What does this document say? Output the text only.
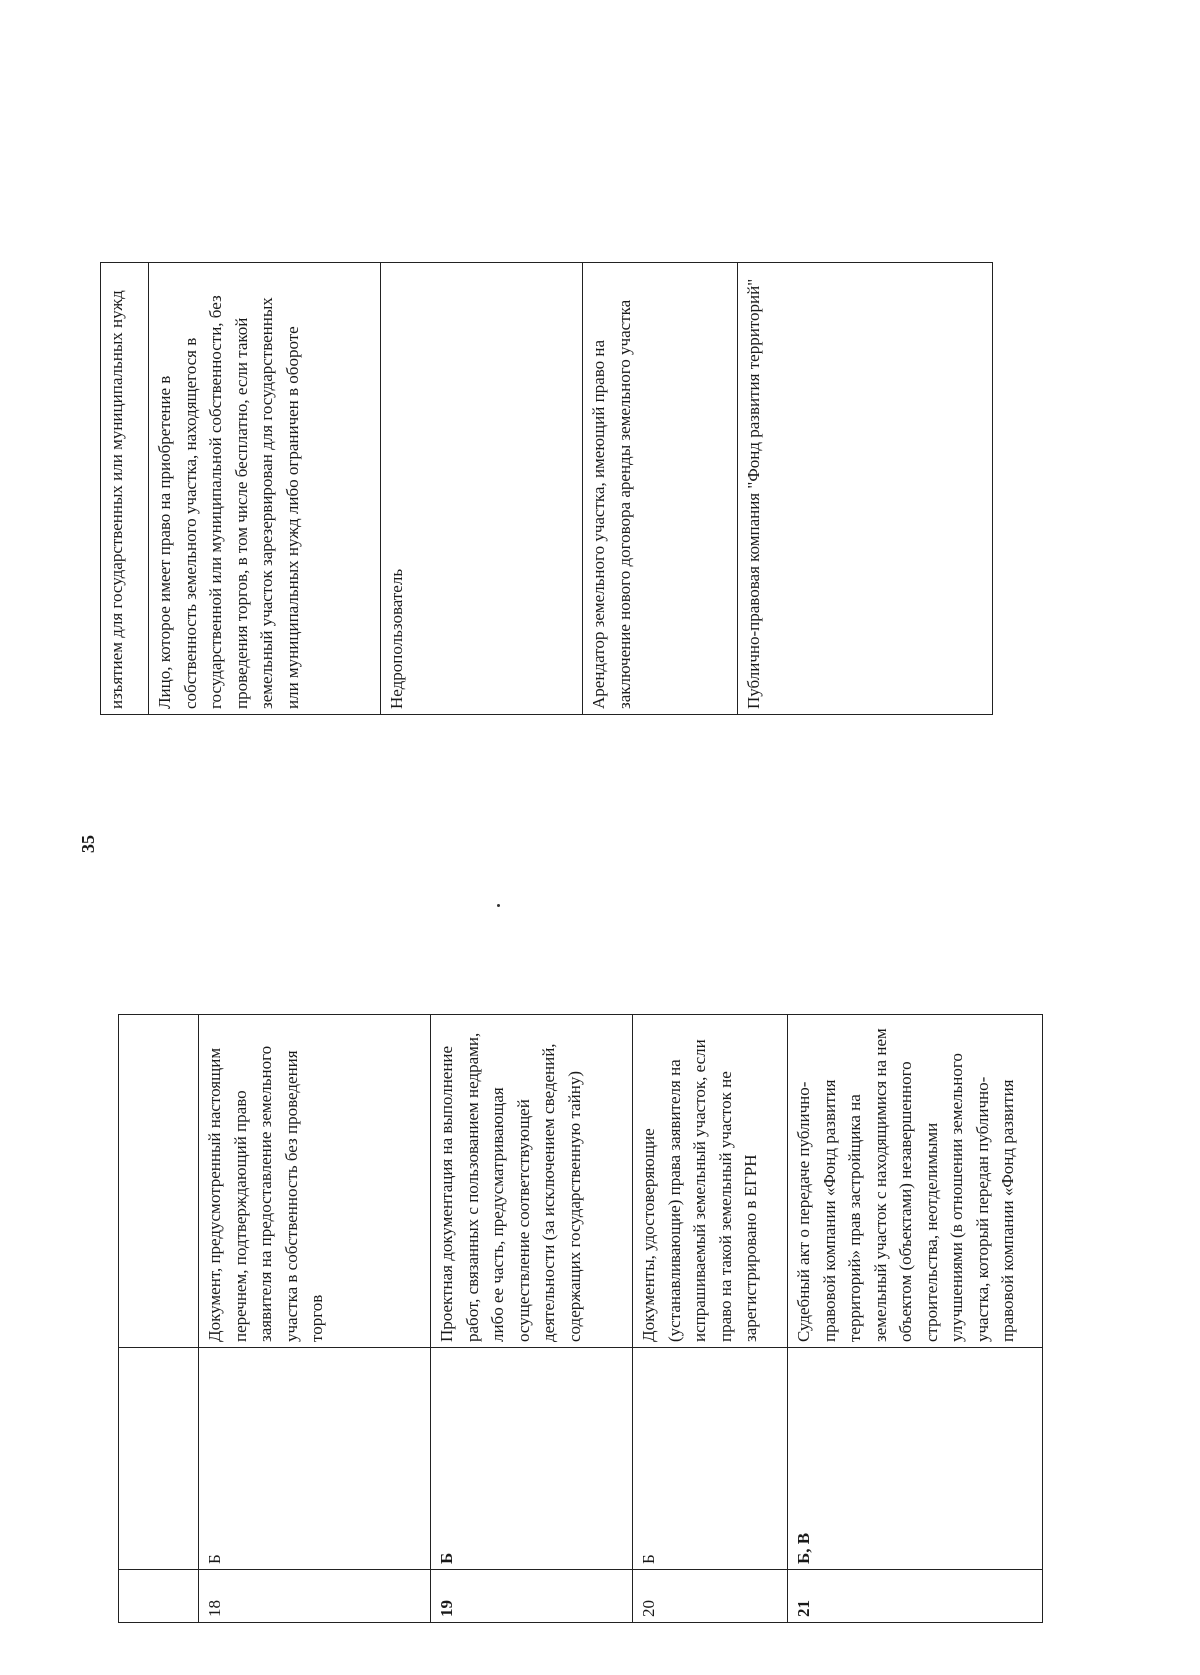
35

18	Б	Документ, предусмотренный настоящим перечнем, подтверждающий право заявителя на предоставление земельного участка в собственность без проведения торгов
19	Б	Проектная документация на выполнение работ, связанных с пользованием недрами, либо ее часть, предусматривающая осуществление соответствующей деятельности (за исключением сведений, содержащих государственную тайну)
20	Б	Документы, удостоверяющие (устанавливающие) права заявителя на испрашиваемый земельный участок, если право на такой земельный участок не зарегистрировано в ЕГРН
21	Б, В	Судебный акт о передаче публично-правовой компании «Фонд развития территорий» прав застройщика на земельный участок с находящимися на нем объектом (объектами) незавершенного строительства, неотделимыми улучшениями (в отношении земельного участка, который передан публично-правовой компании «Фонд развития
изъятием для государственных или муниципальных нужд
Лицо, которое имеет право на приобретение в собственность земельного участка, находящегося в государственной или муниципальной собственности, без проведения торгов, в том числе бесплатно, если такой земельный участок зарезервирован для государственных или муниципальных нужд либо ограничен в обороте
Недропользователь
Арендатор земельного участка, имеющий право на заключение нового договора аренды земельного участка
Публично-правовая компания "Фонд развития территорий"
